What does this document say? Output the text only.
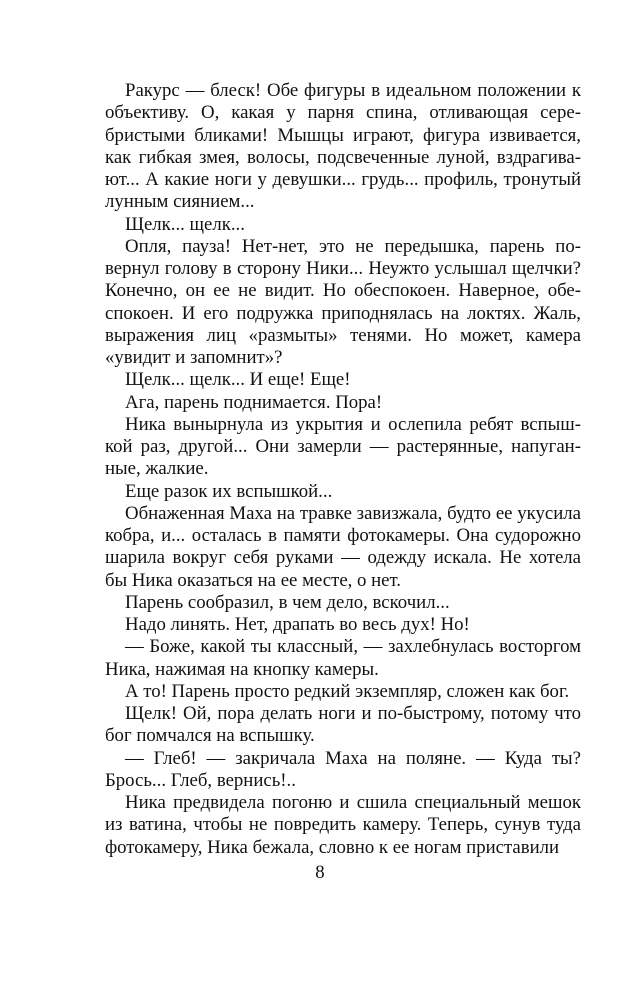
Ракурс — блеск! Обе фигуры в идеальном положении к объективу. О, какая у парня спина, отливающая серебристыми бликами! Мышцы играют, фигура извивается, как гибкая змея, волосы, подсвеченные луной, вздрагивают... А какие ноги у девушки... грудь... профиль, тронутый лунным сиянием...

Щелк... щелк...

Опля, пауза! Нет-нет, это не передышка, парень повернул голову в сторону Ники... Неужто услышал щелчки? Конечно, он ее не видит. Но обеспокоен. Наверное, обеспокоен. И его подружка приподнялась на локтях. Жаль, выражения лиц «размыты» тенями. Но может, камера «увидит и запомнит»?

Щелк... щелк... И еще! Еще!

Ага, парень поднимается. Пора!

Ника вынырнула из укрытия и ослепила ребят вспышкой раз, другой... Они замерли — растерянные, напуганные, жалкие.

Еще разок их вспышкой...

Обнаженная Маха на травке завизжала, будто ее укусила кобра, и... осталась в памяти фотокамеры. Она судорожно шарила вокруг себя руками — одежду искала. Не хотела бы Ника оказаться на ее месте, о нет.

Парень сообразил, в чем дело, вскочил...

Надо линять. Нет, драпать во весь дух! Но!

— Боже, какой ты классный, — захлебнулась восторгом Ника, нажимая на кнопку камеры.

А то! Парень просто редкий экземпляр, сложен как бог.

Щелк! Ой, пора делать ноги и по-быстрому, потому что бог помчался на вспышку.

— Глеб! — закричала Маха на поляне. — Куда ты? Брось... Глеб, вернись!..

Ника предвидела погоню и сшила специальный мешок из ватина, чтобы не повредить камеру. Теперь, сунув туда фотокамеру, Ника бежала, словно к ее ногам приставили

8
